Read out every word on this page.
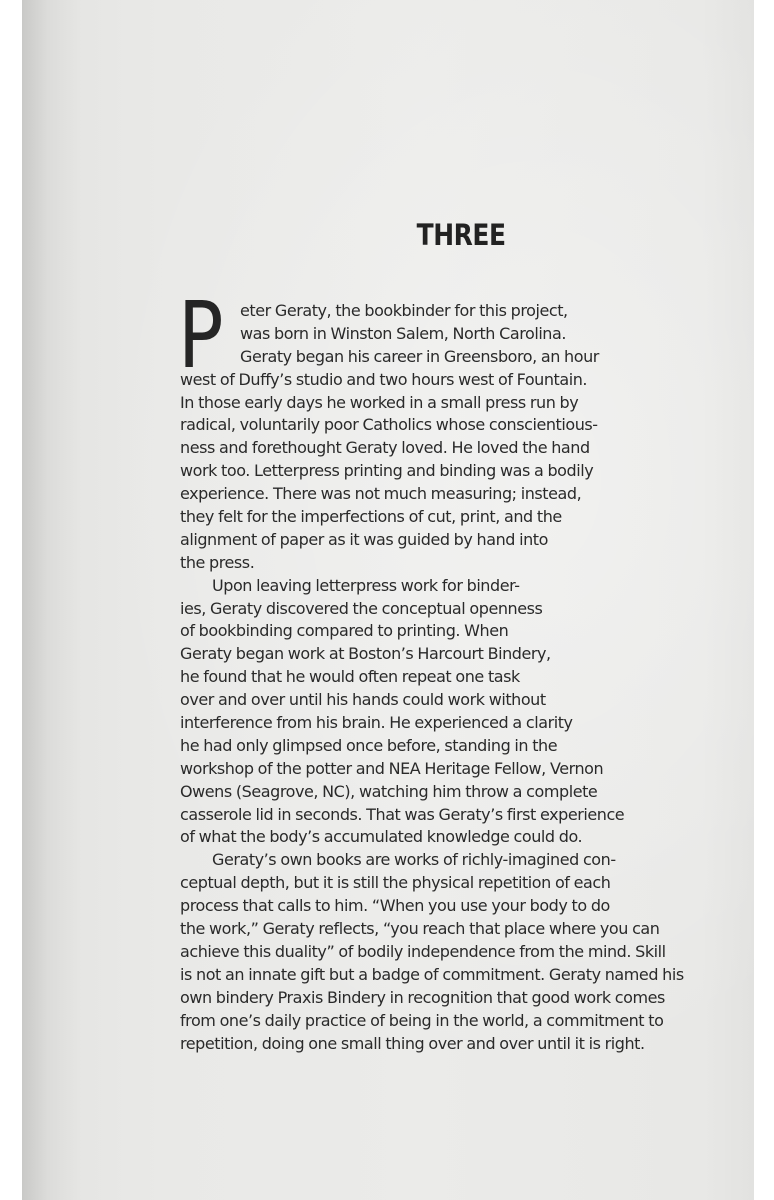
THREE
P	eter Geraty, the bookbinder for this project,
was born in Winston Salem, North Carolina.
Geraty began his career in Greensboro, an hour
west of Duffy’s studio and two hours west of Fountain.
In those early days he worked in a small press run by
radical, voluntarily poor Catholics whose conscientious-
ness and forethought Geraty loved. He loved the hand
work too. Letterpress printing and binding was a bodily
experience. There was not much measuring; instead,
they felt for the imperfections of cut, print, and the
alignment of paper as it was guided by hand into
the press.
Upon leaving letterpress work for binder-
ies, Geraty discovered the conceptual openness
of bookbinding compared to printing. When
Geraty began work at Boston’s Harcourt Bindery,
he found that he would often repeat one task
over and over until his hands could work without
interference from his brain. He experienced a clarity
he had only glimpsed once before, standing in the
workshop of the potter and NEA Heritage Fellow, Vernon
Owens (Seagrove, NC), watching him throw a complete
casserole lid in seconds. That was Geraty’s first experience
of what the body’s accumulated knowledge could do.
Geraty’s own books are works of richly-imagined con-
ceptual depth, but it is still the physical repetition of each
process that calls to him. “When you use your body to do
the work,” Geraty reflects, “you reach that place where you can
achieve this duality” of bodily independence from the mind. Skill
is not an innate gift but a badge of commitment. Geraty named his
own bindery Praxis Bindery in recognition that good work comes
from one’s daily practice of being in the world, a commitment to
repetition, doing one small thing over and over until it is right.
